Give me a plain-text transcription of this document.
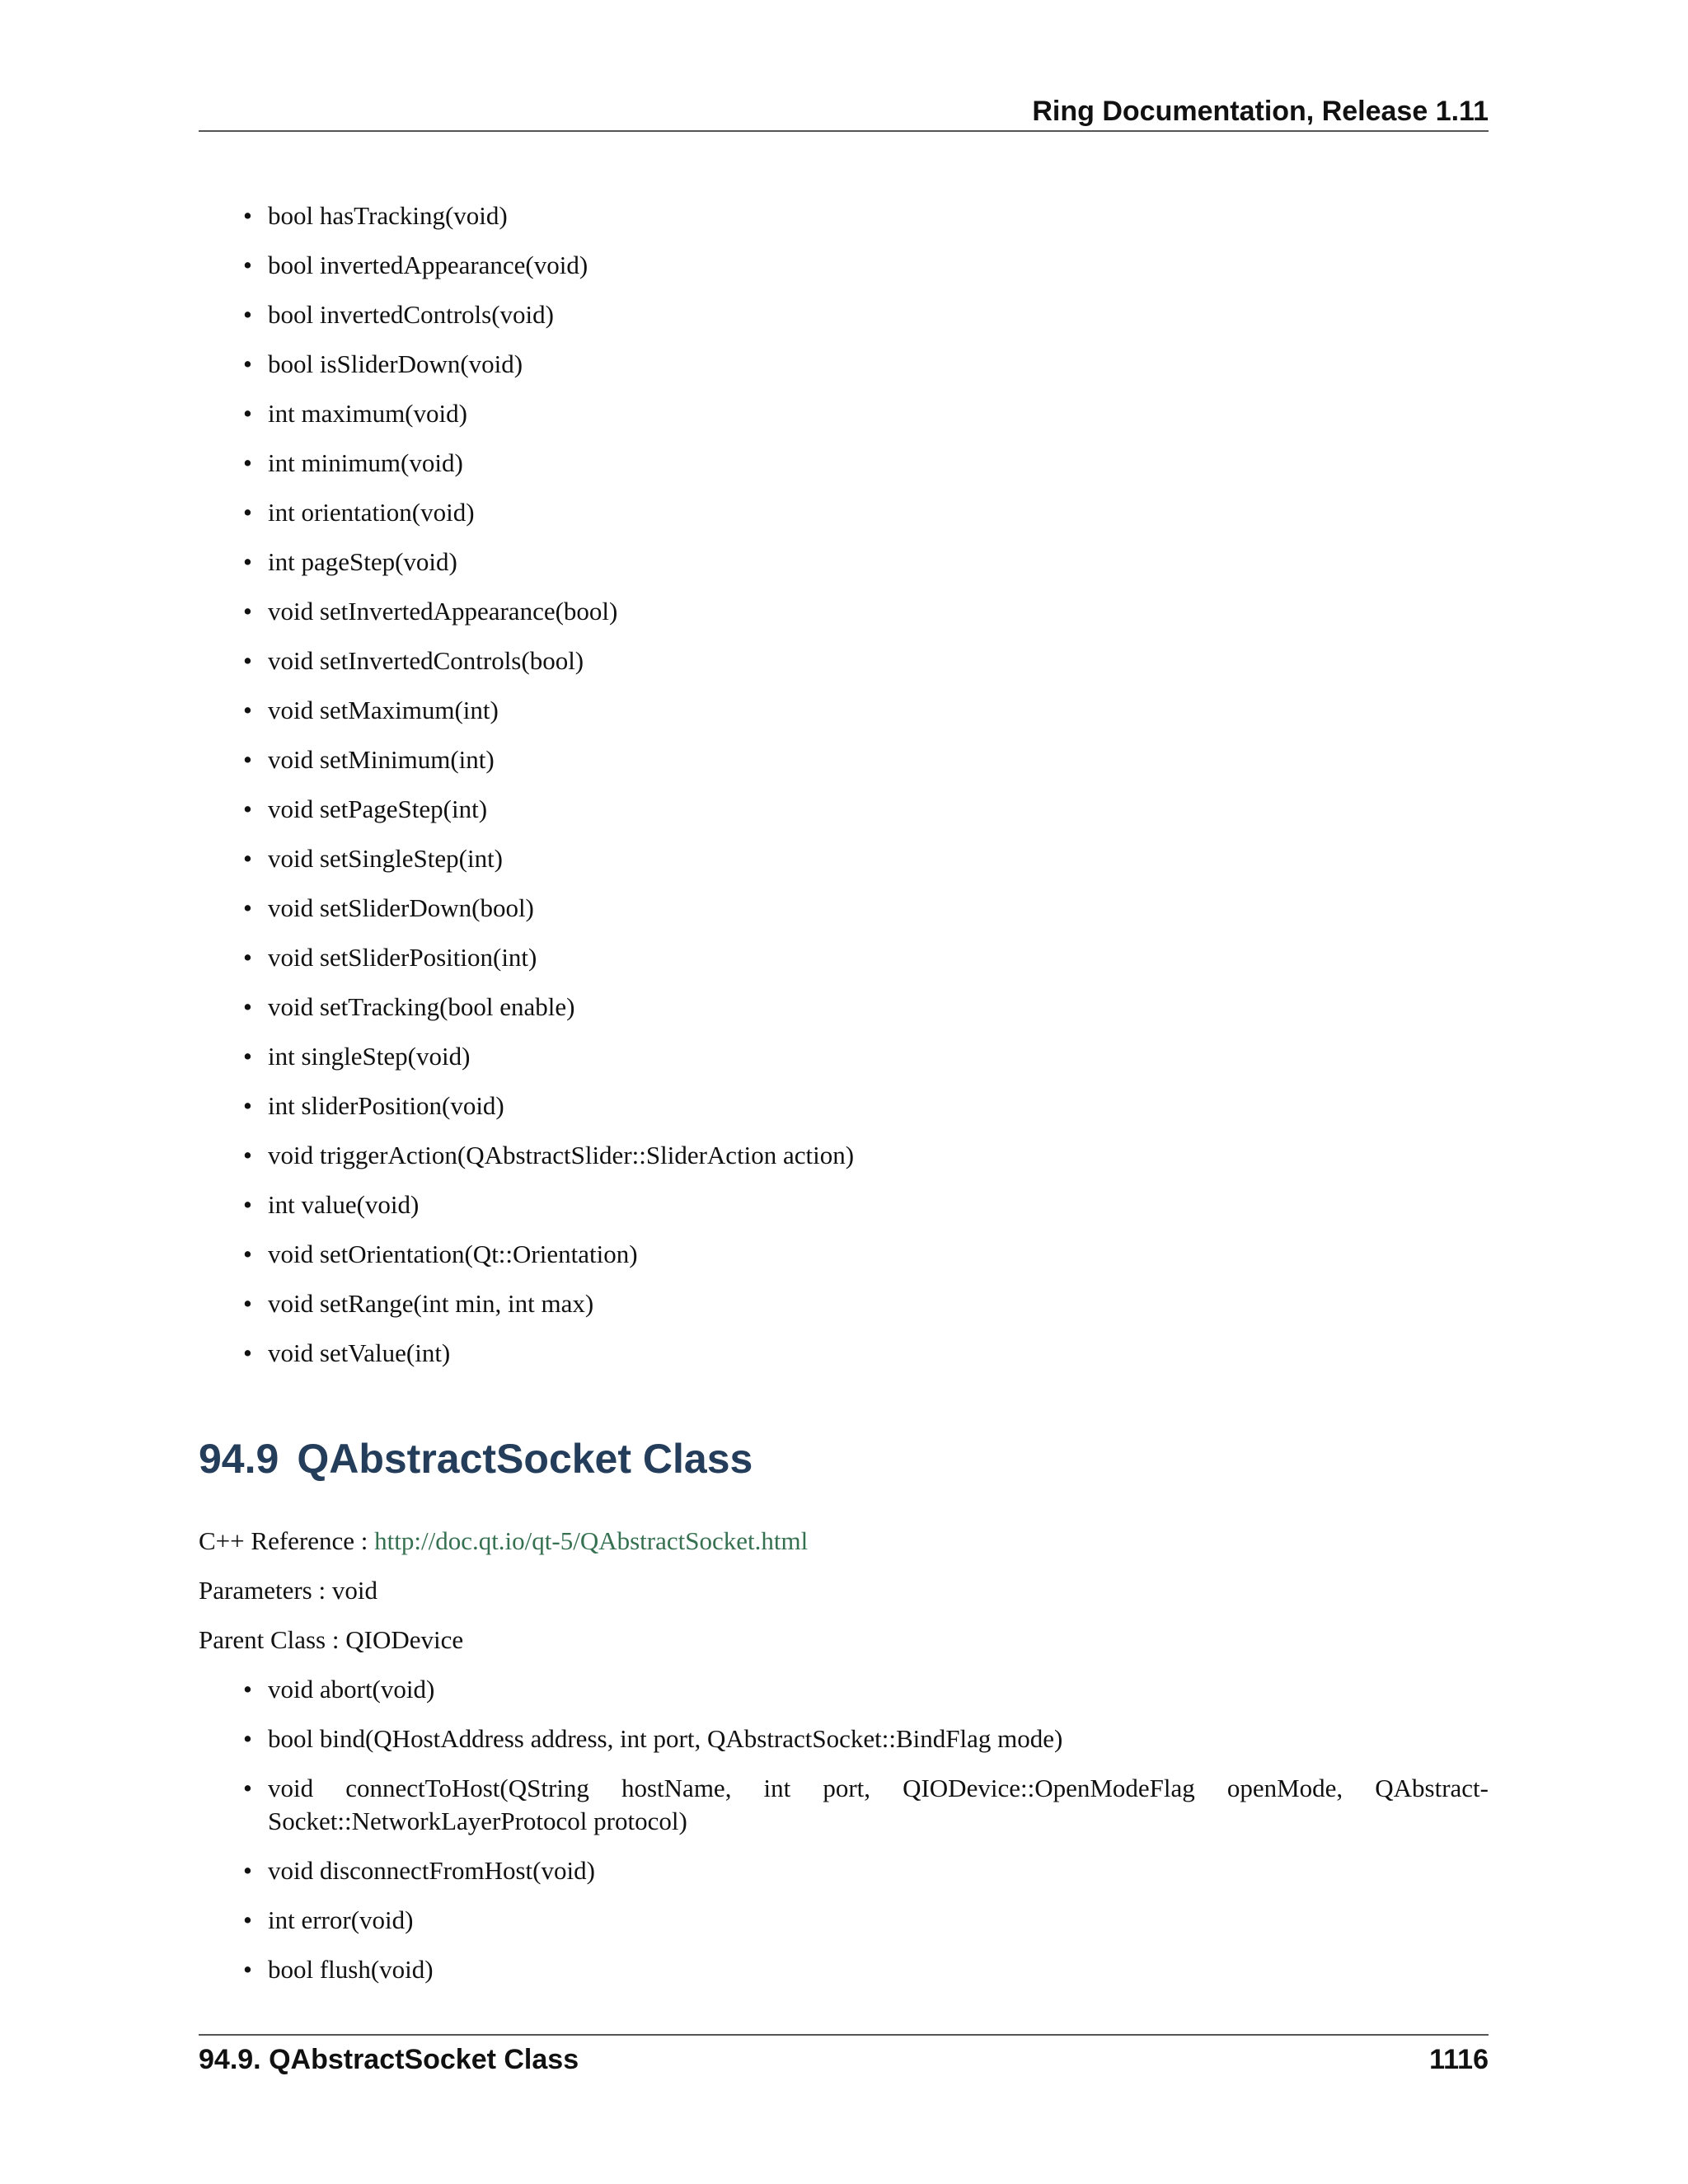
Ring Documentation, Release 1.11
• bool hasTracking(void)
• bool invertedAppearance(void)
• bool invertedControls(void)
• bool isSliderDown(void)
• int maximum(void)
• int minimum(void)
• int orientation(void)
• int pageStep(void)
• void setInvertedAppearance(bool)
• void setInvertedControls(bool)
• void setMaximum(int)
• void setMinimum(int)
• void setPageStep(int)
• void setSingleStep(int)
• void setSliderDown(bool)
• void setSliderPosition(int)
• void setTracking(bool enable)
• int singleStep(void)
• int sliderPosition(void)
• void triggerAction(QAbstractSlider::SliderAction action)
• int value(void)
• void setOrientation(Qt::Orientation)
• void setRange(int min, int max)
• void setValue(int)
94.9 QAbstractSocket Class

C++ Reference : http://doc.qt.io/qt-5/QAbstractSocket.html

Parameters : void

Parent Class : QIODevice

• void abort(void)
• bool bind(QHostAddress address, int port, QAbstractSocket::BindFlag mode)
• void connectToHost(QString hostName, int port, QIODevice::OpenModeFlag openMode, QAbstract-Socket::NetworkLayerProtocol protocol)
• void disconnectFromHost(void)
• int error(void)
• bool flush(void)
94.9. QAbstractSocket Class	1116
